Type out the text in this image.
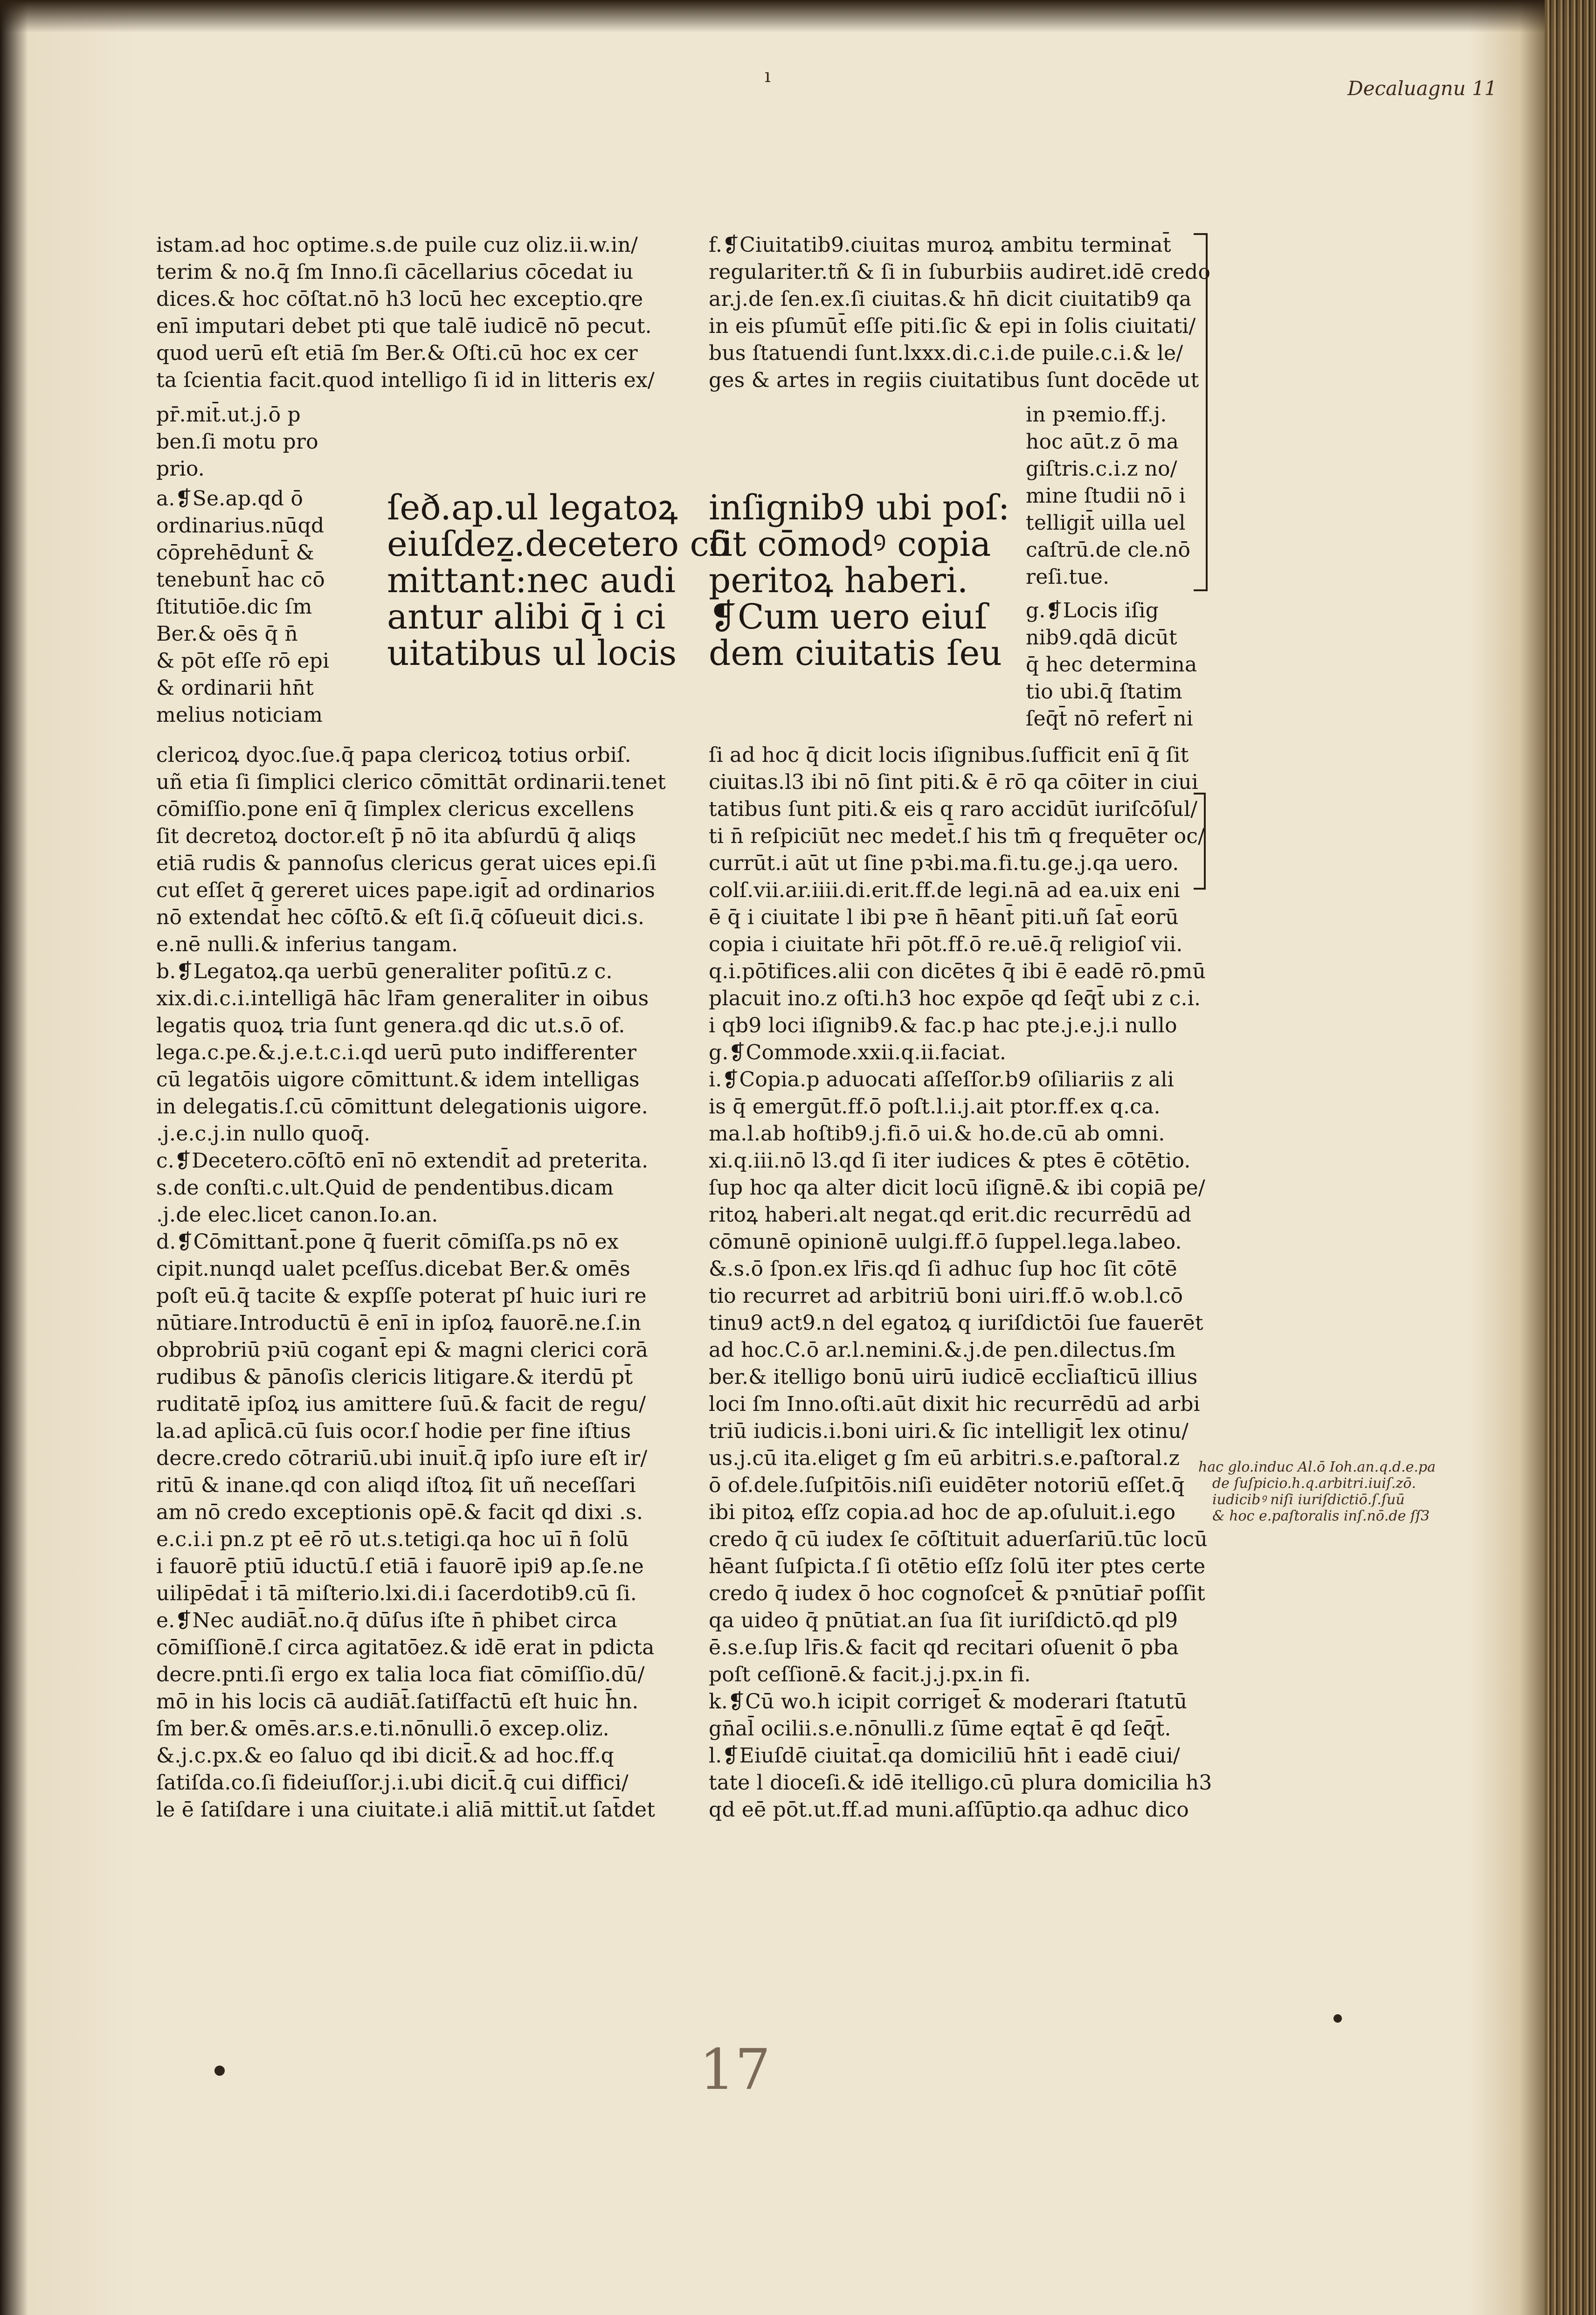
ı
Decaluagnu 11
istam.ad hoc optime.s.de puile cuz oliz.ii.w.in/
terim & no.q̄ ſm Inno.ſi cācellarius cōcedat iu
dices.& hoc cōſtat.nō h3 locū hec exceptio.qre
enī imputari debet pti que talē iudicē nō pecut.
quod uerū eſt etiā ſm Ber.& Oſti.cū hoc ex cer
ta ſcientia facit.quod intelligo ſi id in litteris ex/
pr̄.mit̄.ut.j.ō p
ben.ſi motu pro
prio.
a.❡Se.ap.qd ō
ordinarius.nūqd
cōprehēdunt̄ &
tenebunt̄ hac cō
ſtitutiōe.dic ſm
Ber.& oēs q̄ n̄
& pōt eſſe rō epi
& ordinarii hn̄t
melius noticiam
ſeð.ap.ul legatoꝝ
eiuſdez.decetero cō
mittant̄:nec audi
antur alibi q̄ i ci
uitatibus ul locis
inſignib9 ubi poſ:
ſit cōmodꝰ copia
peritoꝝ haberi.
❡Cum uero eiuſ
dem ciuitatis ſeu
clericoꝝ dyoc.ſue.q̄ papa clericoꝝ totius orbiſ.
uñ etia ſi ſimplici clerico cōmittāt ordinarii.tenet
cōmiſſio.pone enī q̄ ſimplex clericus excellens
ſit decretoꝝ doctor.eſt p̄ nō ita abſurdū q̄ aliqs
etiā rudis & pannoſus clericus gerat uices epi.ſi
cut eſſet q̄ gereret uices pape.igit̄ ad ordinarios
nō extendat̄ hec cōſtō.& eſt ſi.q̄ cōſueuit dici.s.
e.nē nulli.& inferius tangam.
b.❡Legatoꝝ.qa uerbū generaliter poſitū.z c.
xix.di.c.i.intelligā hāc lr̄am generaliter in oibus
legatis quoꝝ tria ſunt genera.qd dic ut.s.ō of.
lega.c.pe.&.j.e.t.c.i.qd uerū puto indifferenter
cū legatōis uigore cōmittunt.& idem intelligas
in delegatis.ſ.cū cōmittunt delegationis uigore.
.j.e.c.j.in nullo quoq̄.
c.❡Decetero.cōſtō enī nō extendit̄ ad preterita.
s.de conſti.c.ult.Quid de pendentibus.dicam
.j.de elec.licet canon.Io.an.
d.❡Cōmittant̄.pone q̄ fuerit cōmiſſa.ps nō ex
cipit.nunqd ualet pceſſus.dicebat Ber.& omēs
poſt eū.q̄ tacite & expſſe poterat pſ huic iuri re
nūtiare.Introductū ē enī in ipſoꝝ fauorē.ne.ſ.in
obprobriū pꝛiū cogant̄ epi & magni clerici corā
rudibus & pānoſis clericis litigare.& iterdū pt̄
ruditatē ipſoꝝ ius amittere ſuū.& facit de regu/
la.ad apl̄icā.cū ſuis ocor.ſ hodie per fine iſtius
decre.credo cōtrariū.ubi inuit̄.q̄ ipſo iure eſt ir/
ritū & inane.qd con aliqd iſtoꝝ ſit uñ neceſſari
am nō credo exceptionis opē.& facit qd dixi .s.
e.c.i.i pn.z pt eē rō ut.s.tetigi.qa hoc uī n̄ ſolū
i fauorē ptiū iductū.ſ etiā i fauorē ipi9 ap.ſe.ne
uilipēdat̄ i tā miſterio.lxi.di.i ſacerdotib9.cū ſi.
e.❡Nec audiāt̄.no.q̄ dūſus iſte n̄ phibet circa
cōmiſſionē.ſ circa agitatōez.& idē erat in pdicta
decre.pnti.ſi ergo ex talia loca fiat cōmiſſio.dū/
mō in his locis cā audiāt̄.ſatiſfactū eſt huic h̄n.
ſm ber.& omēs.ar.s.e.ti.nōnulli.ō excep.oliz.
&.j.c.px.& eo ſaluo qd ibi dicit̄.& ad hoc.ff.q
ſatiſda.co.ſi fideiuſſor.j.i.ubi dicit̄.q̄ cui diffici/
le ē ſatiſdare i una ciuitate.i aliā mittit̄.ut ſat̄det
f.❡Ciuitatib9.ciuitas muroꝝ ambitu terminat̄
regulariter.tñ & ſi in ſuburbiis audiret.idē credo
ar.j.de ſen.ex.ſi ciuitas.& hn̄ dicit ciuitatib9 qa
in eis pſumūt̄ eſſe piti.ſic & epi in ſolis ciuitati/
bus ſtatuendi ſunt.lxxx.di.c.i.de puile.c.i.& le/
ges & artes in regiis ciuitatibus ſunt docēde ut
in pꝛemio.ff.j.
hoc aūt.z ō ma
giſtris.c.i.z no/
mine ſtudii nō i
telligit̄ uilla uel
caſtrū.de cle.nō
reſi.tue.
g.❡Locis iſig
nib9.qdā dicūt
q̄ hec determina
tio ubi.q̄ ſtatim
ſeq̄t̄ nō refert̄ ni
ſi ad hoc q̄ dicit locis iſignibus.ſufficit enī q̄ ſit
ciuitas.l3 ibi nō ſint piti.& ē rō qa cōiter in ciui
tatibus ſunt piti.& eis q raro accidūt iuriſcōſul/
ti n̄ reſpiciūt nec medet̄.ſ his tm̄ q frequēter oc/
currūt.i aūt ut ſine pꝛbi.ma.fi.tu.ge.j.qa uero.
colſ.vii.ar.iiii.di.erit.ff.de legi.nā ad ea.uix eni
ē q̄ i ciuitate l ibi pꝛe n̄ hēant̄ piti.uñ ſat̄ eorū
copia i ciuitate hr̄i pōt.ff.ō re.uē.q̄ religioſ vii.
q.i.pōtifices.alii con dicētes q̄ ibi ē eadē rō.pmū
placuit ino.z oſti.h3 hoc expōe qd ſeq̄t̄ ubi z c.i.
i qb9 loci iſignib9.& fac.p hac pte.j.e.j.i nullo
g.❡Commode.xxii.q.ii.faciat.
i.❡Copia.p aduocati aſſeſſor.b9 oſiliariis z ali
is q̄ emergūt.ff.ō poſt.l.i.j.ait ptor.ff.ex q.ca.
ma.l.ab hoſtib9.j.fi.ō ui.& ho.de.cū ab omni.
xi.q.iii.nō l3.qd ſi iter iudices & ptes ē cōtētio.
ſup hoc qa alter dicit locū iſignē.& ibi copiā pe/
ritoꝝ haberi.alt negat.qd erit.dic recurrēdū ad
cōmunē opinionē uulgi.ff.ō ſuppel.lega.labeo.
&.s.ō ſpon.ex lr̄is.qd ſi adhuc ſup hoc ſit cōtē
tio recurret ad arbitriū boni uiri.ff.ō w.ob.l.cō
tinu9 act9.n del egatoꝝ q iuriſdictōi ſue fauerēt
ad hoc.C.ō ar.l.nemini.&.j.de pen.dilectus.ſm
ber.& itelligo bonū uirū iudicē eccl̄iaſticū illius
loci ſm Inno.oſti.aūt dixit hic recurrēdū ad arbi
triū iudicis.i.boni uiri.& ſic intelligit̄ lex otinu/
us.j.cū ita.eliget g ſm eū arbitri.s.e.paſtoral.z
ō of.dele.ſuſpitōis.niſi euidēter notoriū eſſet.q̄
ibi pitoꝝ eſſz copia.ad hoc de ap.oſuluit.i.ego
credo q̄ cū iudex ſe cōſtituit aduerſariū.tūc locū
hēant ſuſpicta.ſ ſi otētio eſſz ſolū iter ptes certe
credo q̄ iudex ō hoc cognoſcet̄ & pꝛnūtiar̄ poſſit
qa uideo q̄ pnūtiat.an ſua ſit iuriſdictō.qd pl9
ē.s.e.ſup lr̄is.& facit qd recitari oſuenit ō pba
poſt ceſſionē.& facit.j.j.px.in fi.
k.❡Cū wo.h icipit corriget̄ & moderari ſtatutū
gn̄al̄ ocilii.s.e.nōnulli.z ſūme eqtat̄ ē qd ſeq̄t̄.
l.❡Eiuſdē ciuitat̄.qa domiciliū hn̄t i eadē ciui/
tate l dioceſi.& idē itelligo.cū plura domicilia h3
qd eē pōt.ut.ff.ad muni.aſſūptio.qa adhuc dico
hac glo.induc Al.ō Ioh.an.q.d.e.pa
de ſuſpicio.h.q.arbitri.iuiſ.zō.
iudicibꝰ niſi iuriſdictiō.ſ.ſuū
& hoc e.paſtoralis inſ.nō.de ſſ3
17
